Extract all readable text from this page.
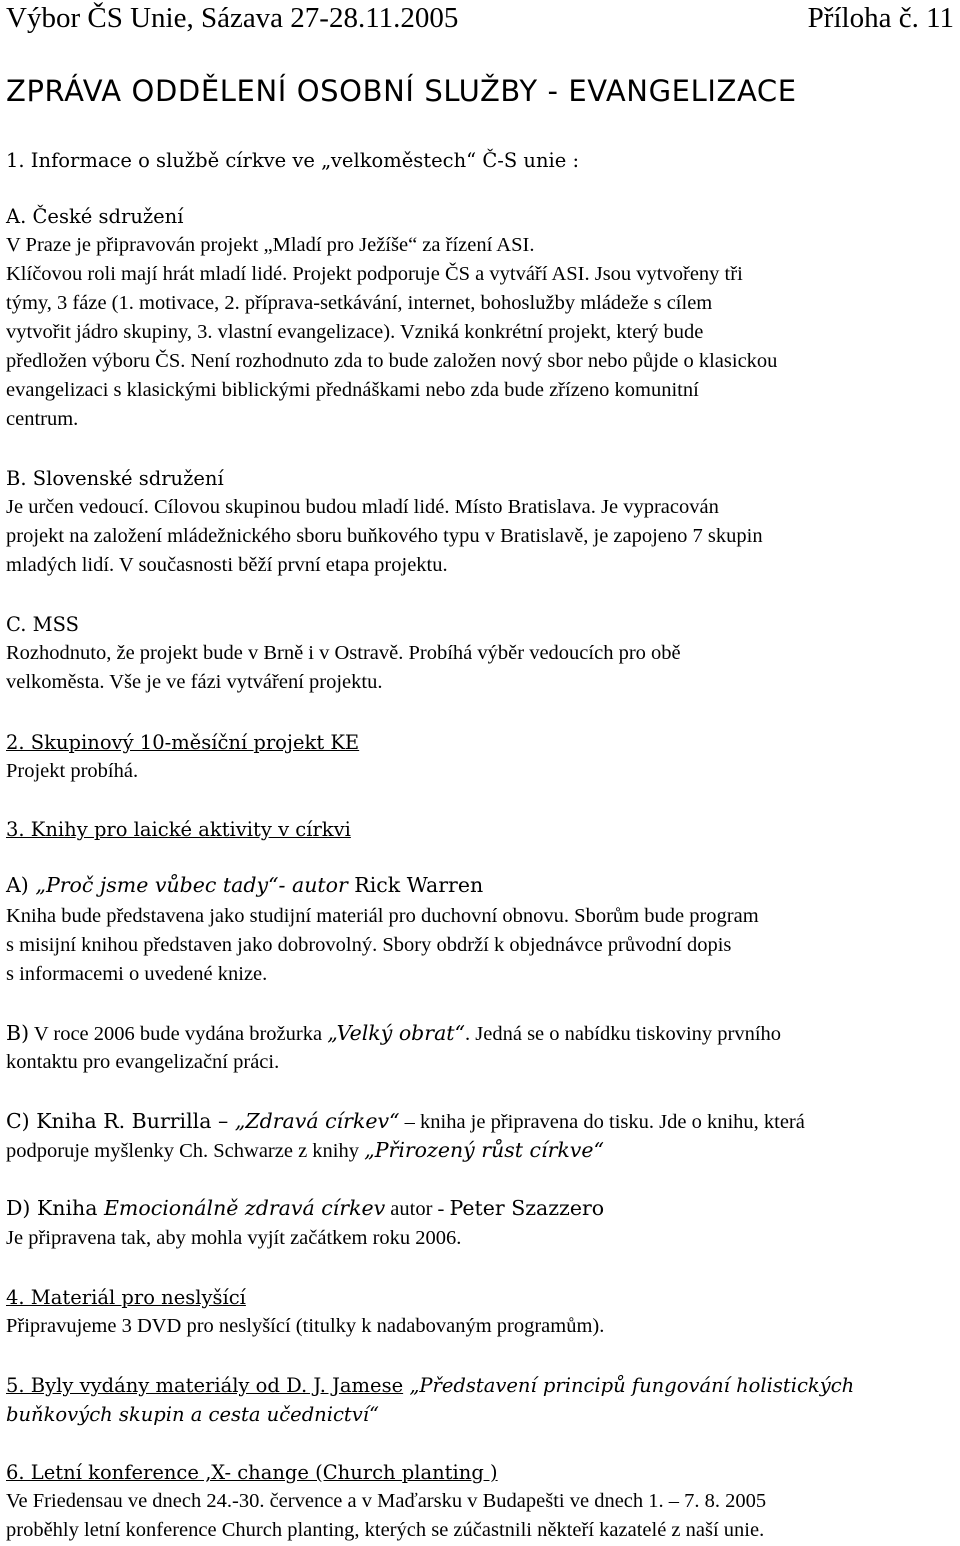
Výbor ČS Unie, Sázava 27-28.11.2005	Příloha č. 11
ZPRÁVA ODDĚLENÍ OSOBNÍ SLUŽBY - EVANGELIZACE
1. Informace o službě církve ve „velkoměstech“ Č-S unie :
A. České sdružení
V Praze je připravován projekt „Mladí pro Ježíše“ za řízení ASI.
Klíčovou roli mají hrát mladí lidé. Projekt podporuje ČS a vytváří ASI. Jsou vytvořeny tři
týmy, 3 fáze (1. motivace, 2. příprava-setkávání, internet, bohoslužby mládeže s cílem
vytvořit jádro skupiny, 3. vlastní evangelizace). Vzniká konkrétní projekt, který bude
předložen výboru ČS. Není rozhodnuto zda to bude založen nový sbor nebo půjde o klasickou
evangelizaci s klasickými biblickými přednáškami nebo zda bude zřízeno komunitní
centrum.
B. Slovenské sdružení
Je určen vedoucí. Cílovou skupinou budou mladí lidé. Místo Bratislava. Je vypracován
projekt na založení mládežnického sboru buňkového typu v Bratislavě, je zapojeno 7 skupin
mladých lidí. V současnosti běží první etapa projektu.
C. MSS
Rozhodnuto, že projekt bude v Brně i v Ostravě. Probíhá výběr vedoucích pro obě
velkoměsta. Vše je ve fázi vytváření projektu.
2. Skupinový 10-měsíční projekt KE
Projekt probíhá.
3. Knihy pro laické aktivity v církvi
A) „Proč jsme vůbec tady“- autor Rick Warren
Kniha bude představena jako studijní materiál pro duchovní obnovu. Sborům bude program
s misijní knihou představen jako dobrovolný. Sbory obdrží k objednávce průvodní dopis
s informacemi o uvedené knize.
B) V roce 2006 bude vydána brožurka „Velký obrat“. Jedná se o nabídku tiskoviny prvního
kontaktu pro evangelizační práci.
C) Kniha R. Burrilla – „Zdravá církev“ – kniha je připravena do tisku. Jde o knihu, která
podporuje myšlenky Ch. Schwarze z knihy „Přirozený růst církve“
D) Kniha Emocionálně zdravá církev autor - Peter Szazzero
Je připravena tak, aby mohla vyjít začátkem roku 2006.
4. Materiál pro neslyšící
Připravujeme 3 DVD pro neslyšící (titulky k nadabovaným programům).
5. Byly vydány materiály od D. J. Jamese „Představení principů fungování holistických
buňkových skupin a cesta učednictví“
6. Letní konference ‚X- change (Church planting )
Ve Friedensau ve dnech 24.-30. července a v Maďarsku v Budapešti ve dnech 1. – 7. 8. 2005
proběhly letní konference Church planting, kterých se zúčastnili někteří kazatelé z naší unie.
